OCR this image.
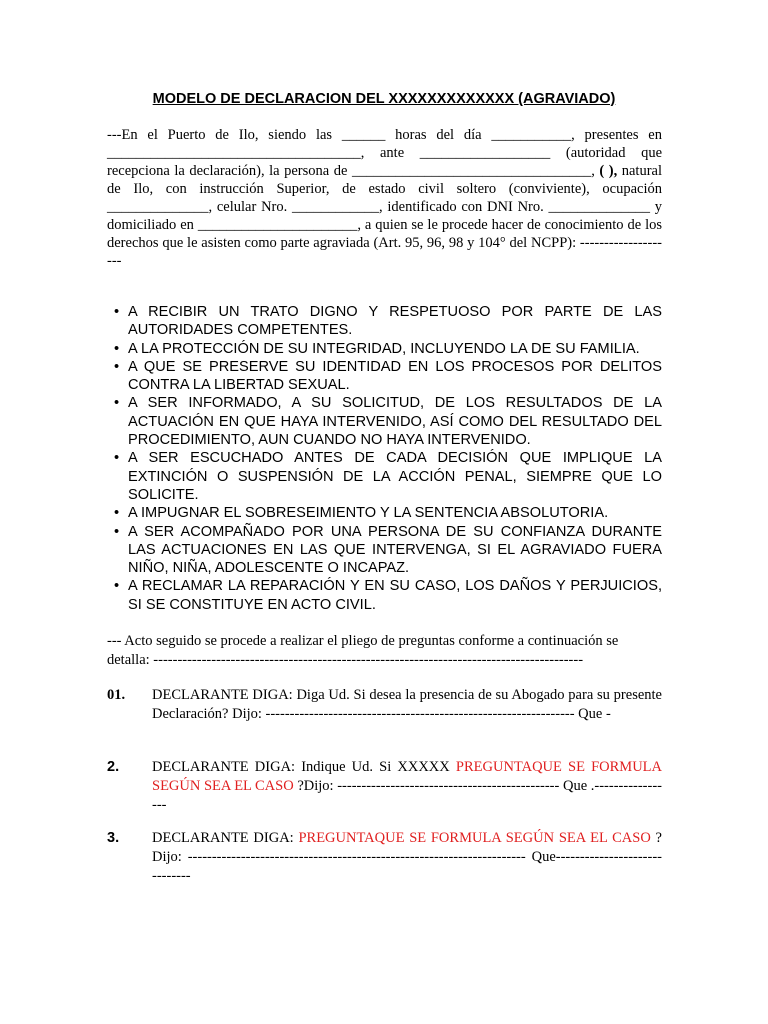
MODELO DE DECLARACION DEL XXXXXXXXXXXXX (AGRAVIADO)
---En el Puerto de Ilo, siendo las ______ horas del día ___________, presentes en ___________________________________, ante __________________ (autoridad que recepciona la declaración), la persona de _________________________________, ( ), natural de Ilo, con instrucción Superior, de estado civil soltero (conviviente), ocupación ______________, celular Nro. ____________, identificado con DNI Nro. ______________ y domiciliado en ______________________, a quien se le procede hacer de conocimiento de los derechos que le asisten como parte agraviada (Art. 95, 96, 98 y 104° del NCPP): --------------------
• A RECIBIR UN TRATO DIGNO Y RESPETUOSO POR PARTE DE LAS AUTORIDADES COMPETENTES.
• A LA PROTECCIÓN DE SU INTEGRIDAD, INCLUYENDO LA DE SU FAMILIA.
• A QUE SE PRESERVE SU IDENTIDAD EN LOS PROCESOS POR DELITOS CONTRA LA LIBERTAD SEXUAL.
• A SER INFORMADO, A SU SOLICITUD, DE LOS RESULTADOS DE LA ACTUACIÓN EN QUE HAYA INTERVENIDO, ASÍ COMO DEL RESULTADO DEL PROCEDIMIENTO, AUN CUANDO NO HAYA INTERVENIDO.
• A SER ESCUCHADO ANTES DE CADA DECISIÓN QUE IMPLIQUE LA EXTINCIÓN O SUSPENSIÓN DE LA ACCIÓN PENAL, SIEMPRE QUE LO SOLICITE.
• A IMPUGNAR EL SOBRESEIMIENTO Y LA SENTENCIA ABSOLUTORIA.
• A SER ACOMPAÑADO POR UNA PERSONA DE SU CONFIANZA DURANTE LAS ACTUACIONES EN LAS QUE INTERVENGA, SI EL AGRAVIADO FUERA NIÑO, NIÑA, ADOLESCENTE O INCAPAZ.
• A RECLAMAR LA REPARACIÓN Y EN SU CASO, LOS DAÑOS Y PERJUICIOS, SI SE CONSTITUYE EN ACTO CIVIL.
--- Acto seguido se procede a realizar el pliego de preguntas conforme a continuación se detalla: -----------------------------------------------------------------------------------------
01. DECLARANTE DIGA: Diga Ud. Si desea la presencia de su Abogado para su presente Declaración? Dijo: ---------------------------------------------------------------- Que -
2. DECLARANTE DIGA: Indique Ud. Si XXXXX PREGUNTAQUE SE FORMULA SEGÚN SEA EL CASO ?Dijo: ---------------------------------------------- Que .-----------------
3. DECLARANTE DIGA: PREGUNTAQUE SE FORMULA SEGÚN SEA EL CASO ? Dijo: ---------------------------------------------------------------------- Que------------------------------
